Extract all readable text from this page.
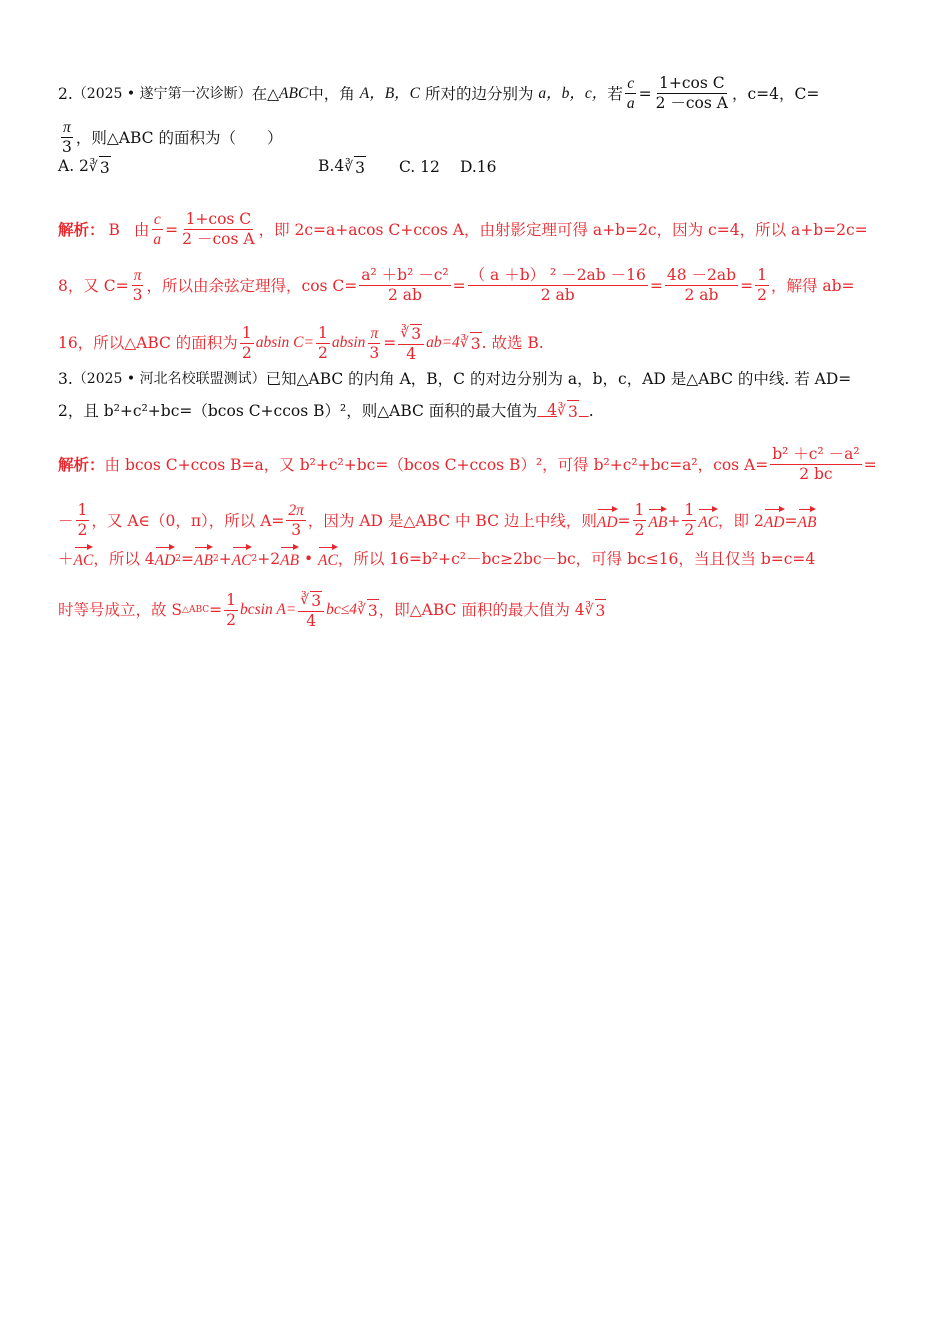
2. （2025 • 遂宁第一次诊断） 在△ ABC 中，角
A，B，C
所对的边分别为
a，b，c， 若 $\frac{c}{a} = \frac{\text{1+cos C}}{\text{2 －cos A}}$ ，c=4，C=
$\frac{\pi}{3}$ ，则△ABC 的面积为（　　）
A. 2 ∛ 3	B.4 ∛ 3 C. 12 D.16
解析： B 由 $\frac{c}{a} = \frac{\text{1+cos C}}{\text{2 －cos A}}$ ，即 2c=a+acos C+ccos A，由射影定理可得 a+b=2c，因为 c=4，所以 a+b=2c=
8，又 $C= \frac{\pi}{3}$ ，所以由余弦定理得，$\cos C= \frac{\text{a² ＋b² －c²}}{2 ab} = \frac{\text{（ a ＋b） ² －2ab －16}}{2 ab} = \frac{48 -2ab}{2 ab} = \frac{1}{2}$ ，解得 ab=
16，所以△ABC 的面积为 $\frac{1}{2}$ absin $C= \frac{1}{2}$ absin $\frac{\pi}{3} = \frac{∛ 3}{4} ab=4$ ∛ 3 . 故选 B.
3. （2025 • 河北名校联盟测试） 已知△ABC 的内角 A，B，C 的对边分别为 a，b，c，AD 是△ABC 的中线. 若 AD=
2，且 b²+c²+bc=（bcos C+ccos B）²，则△ABC 面积的最大值为 4 ∛ 3
.
解析： 由 bcos C+ccos B=a，又 b²+c²+bc=（bcos C+ccos B）²，可得 b²+c²+bc=a²，$\cos A= \frac{\text{b² ＋c² －a²}}{2 bc}$ =
－ $\frac{1}{2}$ ，又 A∈（0，π），所以 $A= \frac{2\pi}{3}$ ，因为 AD 是△ABC 中 BC 边上中线，则 AD = $\frac{1}{2}$ AB + $\frac{1}{2}$ AC ，即 2 AD = AB
＋ AC ，所以 4 AD 2 = AB 2 + AC 2 +2 AB • AC ，所以 16=b²+c²－bc≥2bc－bc，可得 bc≤16，当且仅当 b=c=4
时等号成立，故 S △ABC = $\frac{1}{2}$ bcsin $A= \frac{∛ 3}{4} bc\le 4$ ∛ 3 ，即△ABC 面积的最大值为 4 ∛ 3
